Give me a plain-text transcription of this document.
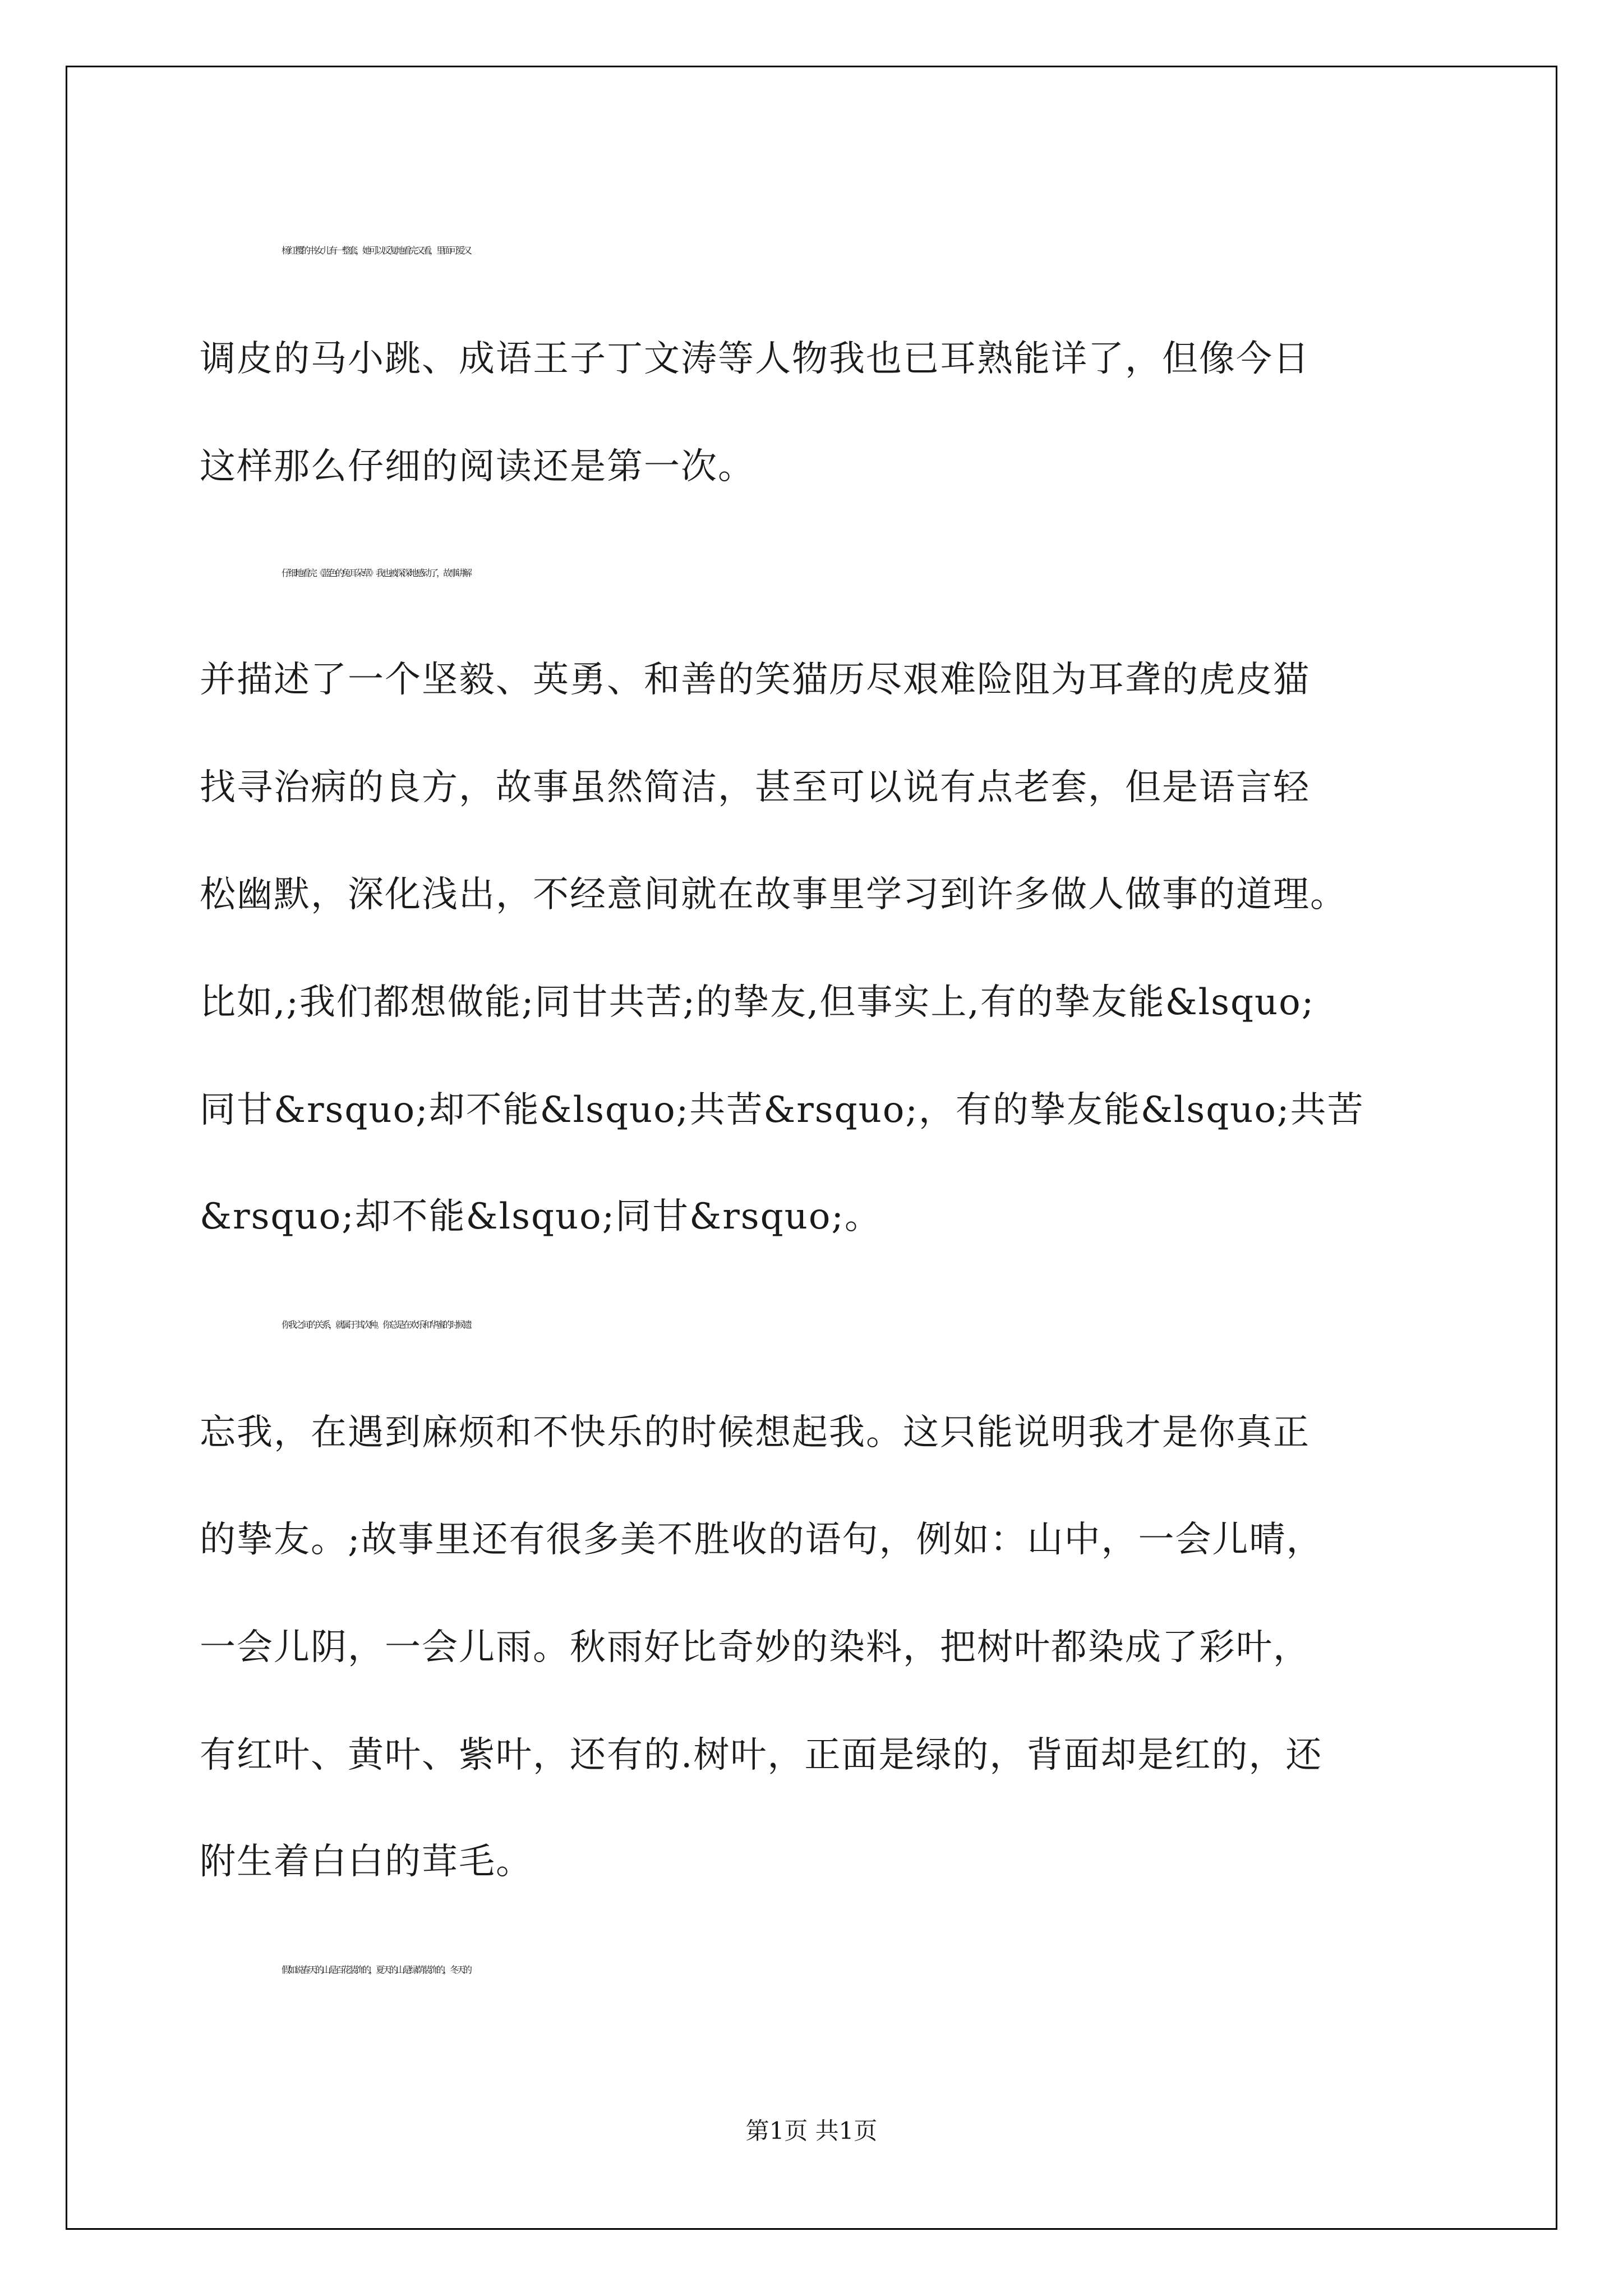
杨红樱的书女儿有一整套，她可以反复地看完又看，里面可爱又
调皮的马小跳、成语王子丁文涛等人物我也已耳熟能详了，但像今日
这样那么仔细的阅读还是第一次。
仔细地看完《蓝色的兔耳朵草》我也被深深地感动了，故事讲解
并描述了一个坚毅、英勇、和善的笑猫历尽艰难险阻为耳聋的虎皮猫
找寻治病的良方，故事虽然简洁，甚至可以说有点老套，但是语言轻
松幽默，深化浅出，不经意间就在故事里学习到许多做人做事的道理。
比如,;我们都想做能;同甘共苦;的挚友,但事实上,有的挚友能&lsquo;
同甘&rsquo;却不能&lsquo;共苦&rsquo;，有的挚友能&lsquo;共苦
&rsquo;却不能&lsquo;同甘&rsquo;。
你我之间的关系，就属于其次种。你总是在欢乐和华蜜的时候遗
忘我，在遇到麻烦和不快乐的时候想起我。这只能说明我才是你真正
的挚友。;故事里还有很多美不胜收的语句，例如：山中，一会儿晴，
一会儿阴，一会儿雨。秋雨好比奇妙的染料，把树叶都染成了彩叶，
有红叶、黄叶、紫叶，还有的.树叶，正面是绿的，背面却是红的，还
附生着白白的茸毛。
假如说春天的山是百花装饰的，夏天的山是绿荫装饰的，冬天的
第1页 共1页
